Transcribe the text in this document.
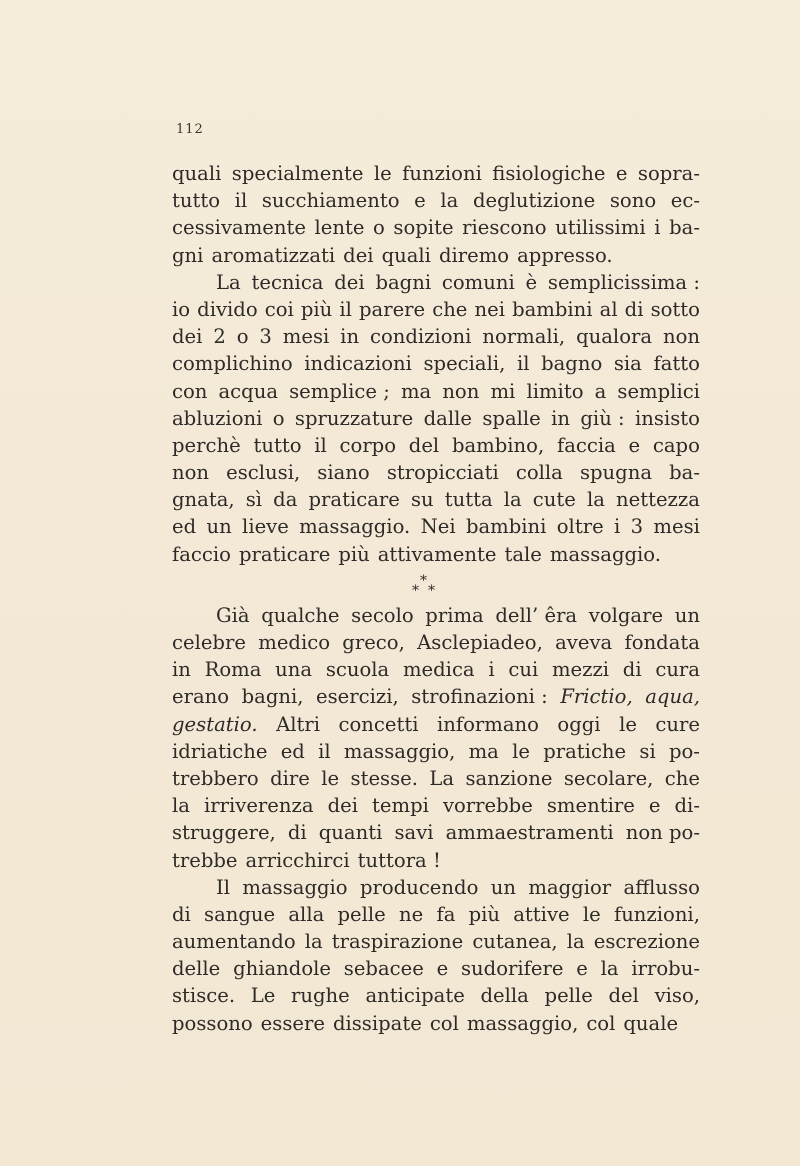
112
quali specialmente le funzioni fisiologiche e sopra-
tutto il succhiamento e la deglutizione sono ec-
cessivamente lente o sopite riescono utilissimi i ba-
gni aromatizzati dei quali diremo appresso.
La tecnica dei bagni comuni è semplicissima :
io divido coi più il parere che nei bambini al di sotto
dei 2 o 3 mesi in condizioni normali, qualora non
complichino indicazioni speciali, il bagno sia fatto
con acqua semplice ; ma non mi limito a semplici
abluzioni o spruzzature dalle spalle in giù : insisto
perchè tutto il corpo del bambino, faccia e capo
non esclusi, siano stropicciati colla spugna ba-
gnata, sì da praticare su tutta la cute la nettezza
ed un lieve massaggio. Nei bambini oltre i 3 mesi
faccio praticare più attivamente tale massaggio.
*
* *
Già qualche secolo prima dell’ êra volgare un
celebre medico greco, Asclepiadeo, aveva fondata
in Roma una scuola medica i cui mezzi di cura
erano bagni, esercizi, strofinazioni : Frictio, aqua,
gestatio. Altri concetti informano oggi le cure
idriatiche ed il massaggio, ma le pratiche si po-
trebbero dire le stesse. La sanzione secolare, che
la irriverenza dei tempi vorrebbe smentire e di-
struggere, di quanti savi ammaestramenti non po-
trebbe arricchirci tuttora !
Il massaggio producendo un maggior afflusso
di sangue alla pelle ne fa più attive le funzioni,
aumentando la traspirazione cutanea, la escrezione
delle ghiandole sebacee e sudorifere e la irrobu-
stisce. Le rughe anticipate della pelle del viso,
possono essere dissipate col massaggio, col quale
